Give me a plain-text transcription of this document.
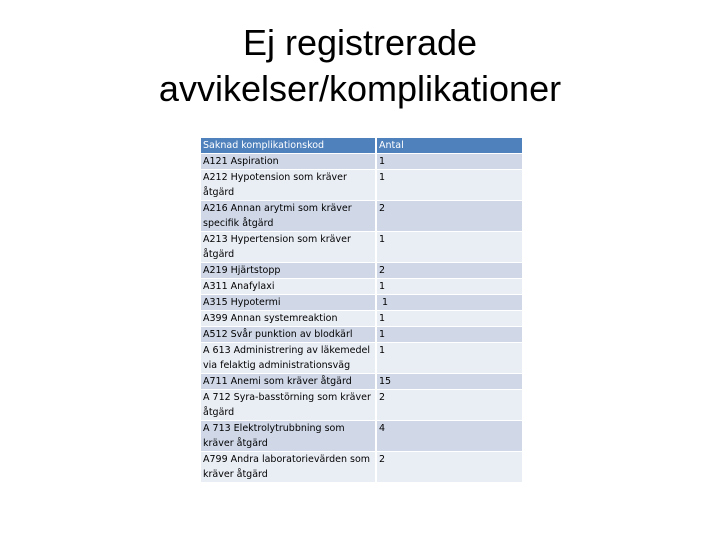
Ej registrerade
avvikelser/komplikationer
Saknad komplikationskod	Antal
A121 Aspiration	1
A212 Hypotension som kräver åtgärd	1
A216 Annan arytmi som kräver specifik åtgärd	2
A213 Hypertension som kräver åtgärd	1
A219 Hjärtstopp	2
A311 Anafylaxi	1
A315 Hypotermi	1
A399 Annan systemreaktion	1
A512 Svår punktion av blodkärl	1
A 613 Administrering av läkemedel via felaktig administrationsväg	1
A711 Anemi som kräver åtgärd	15
A 712 Syra-basstörning som kräver åtgärd	2
A 713 Elektrolytrubbning som kräver åtgärd	4
A799 Andra laboratorievärden som kräver åtgärd	2
